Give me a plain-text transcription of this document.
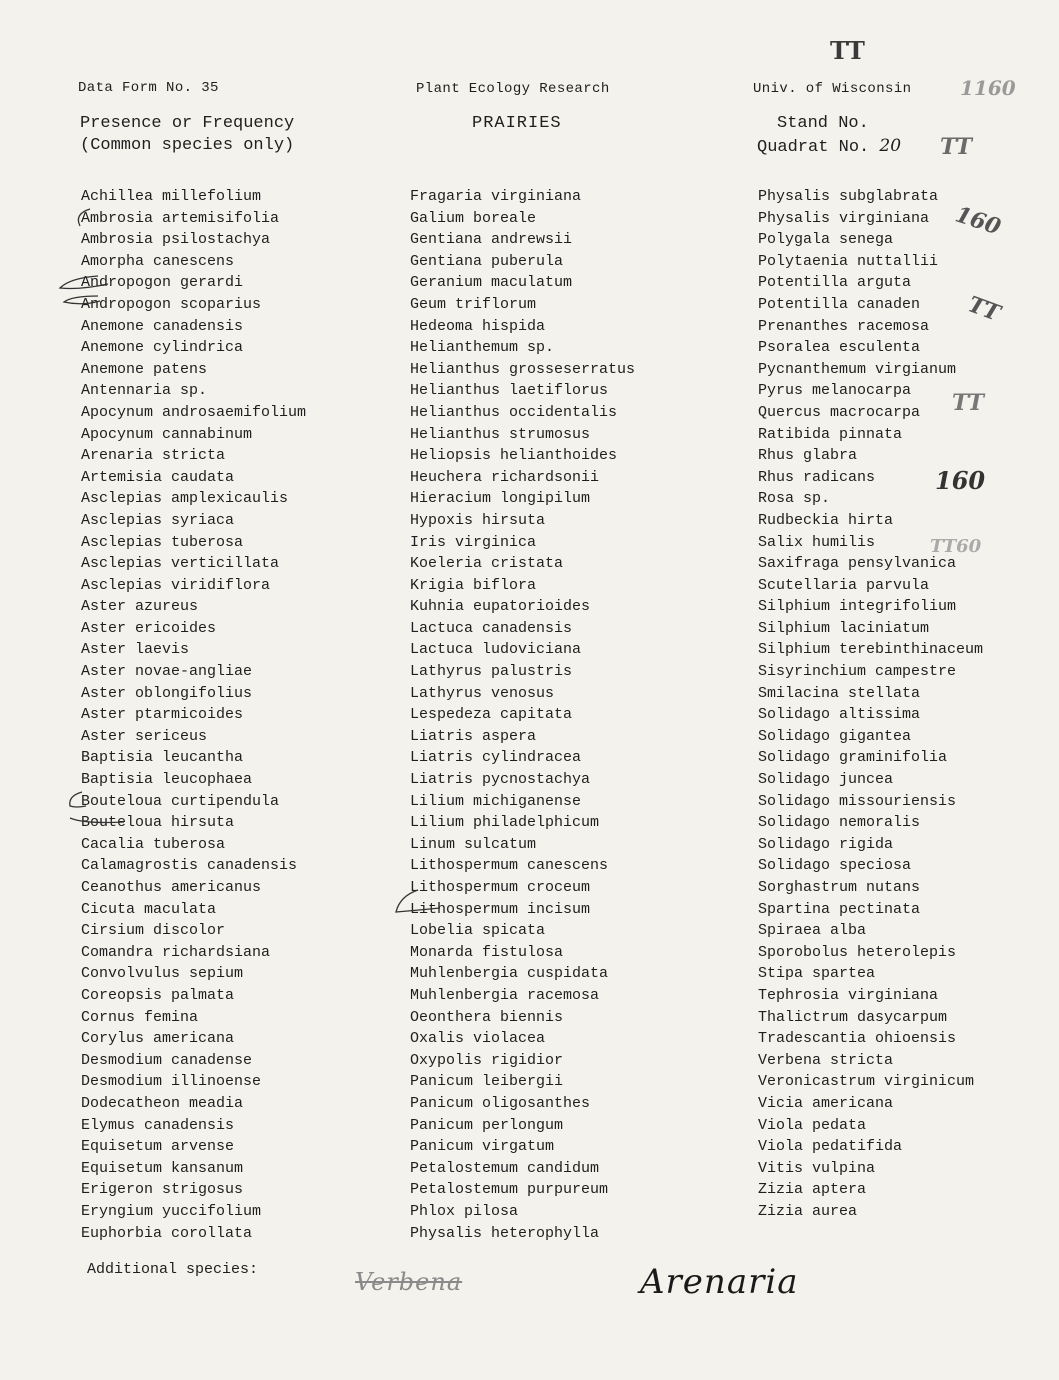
Data Form No. 35	Plant Ecology Research	Univ. of Wisconsin
Presence or Frequency
(Common species only)
PRAIRIES	Stand No.
Quadrat No. 20
Achillea millefolium
Ambrosia artemisifolia
Ambrosia psilostachya
Amorpha canescens
Andropogon gerardi
Andropogon scoparius
Anemone canadensis
Anemone cylindrica
Anemone patens
Antennaria sp.
Apocynum androsaemifolium
Apocynum cannabinum
Arenaria stricta
Artemisia caudata
Asclepias amplexicaulis
Asclepias syriaca
Asclepias tuberosa
Asclepias verticillata
Asclepias viridiflora
Aster azureus
Aster ericoides
Aster laevis
Aster novae-angliae
Aster oblongifolius
Aster ptarmicoides
Aster sericeus
Baptisia leucantha
Baptisia leucophaea
Bouteloua curtipendula
Bouteloua hirsuta
Cacalia tuberosa
Calamagrostis canadensis
Ceanothus americanus
Cicuta maculata
Cirsium discolor
Comandra richardsiana
Convolvulus sepium
Coreopsis palmata
Cornus femina
Corylus americana
Desmodium canadense
Desmodium illinoense
Dodecatheon meadia
Elymus canadensis
Equisetum arvense
Equisetum kansanum
Erigeron strigosus
Eryngium yuccifolium
Euphorbia corollata
Fragaria virginiana
Galium boreale
Gentiana andrewsii
Gentiana puberula
Geranium maculatum
Geum triflorum
Hedeoma hispida
Helianthemum sp.
Helianthus grosseserratus
Helianthus laetiflorus
Helianthus occidentalis
Helianthus strumosus
Heliopsis helianthoides
Heuchera richardsonii
Hieracium longipilum
Hypoxis hirsuta
Iris virginica
Koeleria cristata
Krigia biflora
Kuhnia eupatorioides
Lactuca canadensis
Lactuca ludoviciana
Lathyrus palustris
Lathyrus venosus
Lespedeza capitata
Liatris aspera
Liatris cylindracea
Liatris pycnostachya
Lilium michiganense
Lilium philadelphicum
Linum sulcatum
Lithospermum canescens
Lithospermum croceum
Lithospermum incisum
Lobelia spicata
Monarda fistulosa
Muhlenbergia cuspidata
Muhlenbergia racemosa
Oeonthera biennis
Oxalis violacea
Oxypolis rigidior
Panicum leibergii
Panicum oligosanthes
Panicum perlongum
Panicum virgatum
Petalostemum candidum
Petalostemum purpureum
Phlox pilosa
Physalis heterophylla
Physalis subglabrata
Physalis virginiana
Polygala senega
Polytaenia nuttallii
Potentilla arguta
Potentilla canaden
Prenanthes racemosa
Psoralea esculenta
Pycnanthemum virgianum
Pyrus melanocarpa
Quercus macrocarpa
Ratibida pinnata
Rhus glabra
Rhus radicans
Rosa sp.
Rudbeckia hirta
Salix humilis
Saxifraga pensylvanica
Scutellaria parvula
Silphium integrifolium
Silphium laciniatum
Silphium terebinthinaceum
Sisyrinchium campestre
Smilacina stellata
Solidago altissima
Solidago gigantea
Solidago graminifolia
Solidago juncea
Solidago missouriensis
Solidago nemoralis
Solidago rigida
Solidago speciosa
Sorghastrum nutans
Spartina pectinata
Spiraea alba
Sporobolus heterolepis
Stipa spartea
Tephrosia virginiana
Thalictrum dasycarpum
Tradescantia ohioensis
Verbena stricta
Veronicastrum virginicum
Vicia americana
Viola pedata
Viola pedatifida
Vitis vulpina
Zizia aptera
Zizia aurea
Additional species:	Verbena	Arenaria
TT
1160
TT
160
TT
TT
160
TT60
